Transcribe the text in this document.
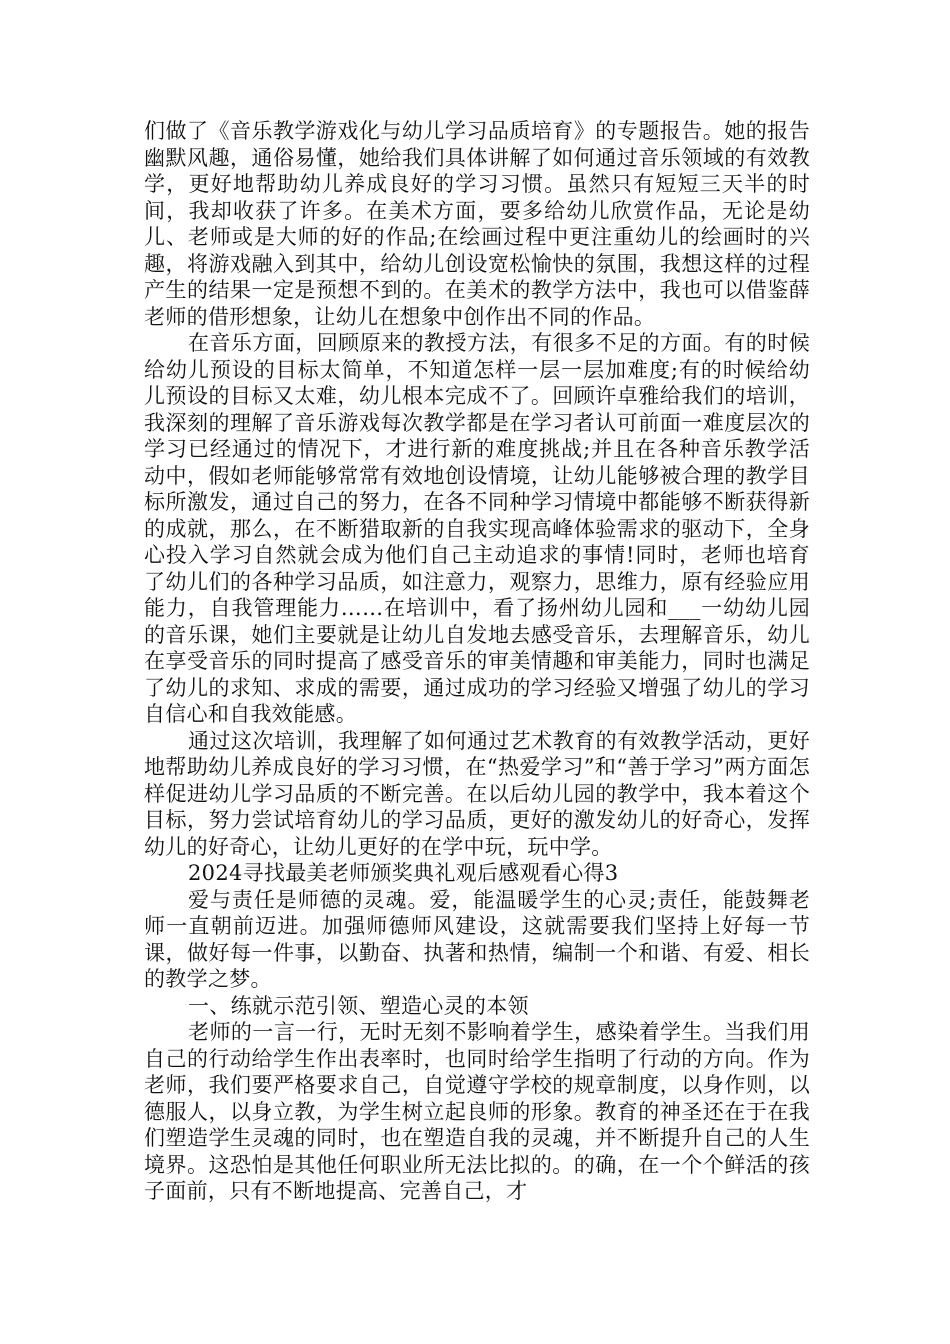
们做了《音乐教学游戏化与幼儿学习品质培育》的专题报告。她的报告幽默风趣，通俗易懂，她给我们具体讲解了如何通过音乐领域的有效教学，更好地帮助幼儿养成良好的学习习惯。虽然只有短短三天半的时间，我却收获了许多。在美术方面，要多给幼儿欣赏作品，无论是幼儿、老师或是大师的好的作品;在绘画过程中更注重幼儿的绘画时的兴趣，将游戏融入到其中，给幼儿创设宽松愉快的氛围，我想这样的过程产生的结果一定是预想不到的。在美术的教学方法中，我也可以借鉴薛老师的借形想象，让幼儿在想象中创作出不同的作品。

在音乐方面，回顾原来的教授方法，有很多不足的方面。有的时候给幼儿预设的目标太简单，不知道怎样一层一层加难度;有的时候给幼儿预设的目标又太难，幼儿根本完成不了。回顾许卓雅给我们的培训，我深刻的理解了音乐游戏每次教学都是在学习者认可前面一难度层次的学习已经通过的情况下，才进行新的难度挑战;并且在各种音乐教学活动中，假如老师能够常常有效地创设情境，让幼儿能够被合理的教学目标所激发，通过自己的努力，在各不同种学习情境中都能够不断获得新的成就，那么，在不断猎取新的自我实现高峰体验需求的驱动下，全身心投入学习自然就会成为他们自己主动追求的事情!同时，老师也培育了幼儿们的各种学习品质，如注意力，观察力，思维力，原有经验应用能力，自我管理能力……在培训中，看了扬州幼儿园和___一幼幼儿园的音乐课，她们主要就是让幼儿自发地去感受音乐，去理解音乐，幼儿在享受音乐的同时提高了感受音乐的审美情趣和审美能力，同时也满足了幼儿的求知、求成的需要，通过成功的学习经验又增强了幼儿的学习自信心和自我效能感。

通过这次培训，我理解了如何通过艺术教育的有效教学活动，更好地帮助幼儿养成良好的学习习惯，在“热爱学习”和“善于学习”两方面怎样促进幼儿学习品质的不断完善。在以后幼儿园的教学中，我本着这个目标，努力尝试培育幼儿的学习品质，更好的激发幼儿的好奇心，发挥幼儿的好奇心，让幼儿更好的在学中玩，玩中学。

2024寻找最美老师颁奖典礼观后感观看心得3

爱与责任是师德的灵魂。爱，能温暖学生的心灵;责任，能鼓舞老师一直朝前迈进。加强师德师风建设，这就需要我们坚持上好每一节课，做好每一件事，以勤奋、执著和热情，编制一个和谐、有爱、相长的教学之梦。

一、练就示范引领、塑造心灵的本领

老师的一言一行，无时无刻不影响着学生，感染着学生。当我们用自己的行动给学生作出表率时，也同时给学生指明了行动的方向。作为老师，我们要严格要求自己，自觉遵守学校的规章制度，以身作则，以德服人，以身立教，为学生树立起良师的形象。教育的神圣还在于在我们塑造学生灵魂的同时，也在塑造自我的灵魂，并不断提升自己的人生境界。这恐怕是其他任何职业所无法比拟的。的确，在一个个鲜活的孩子面前，只有不断地提高、完善自己，才
